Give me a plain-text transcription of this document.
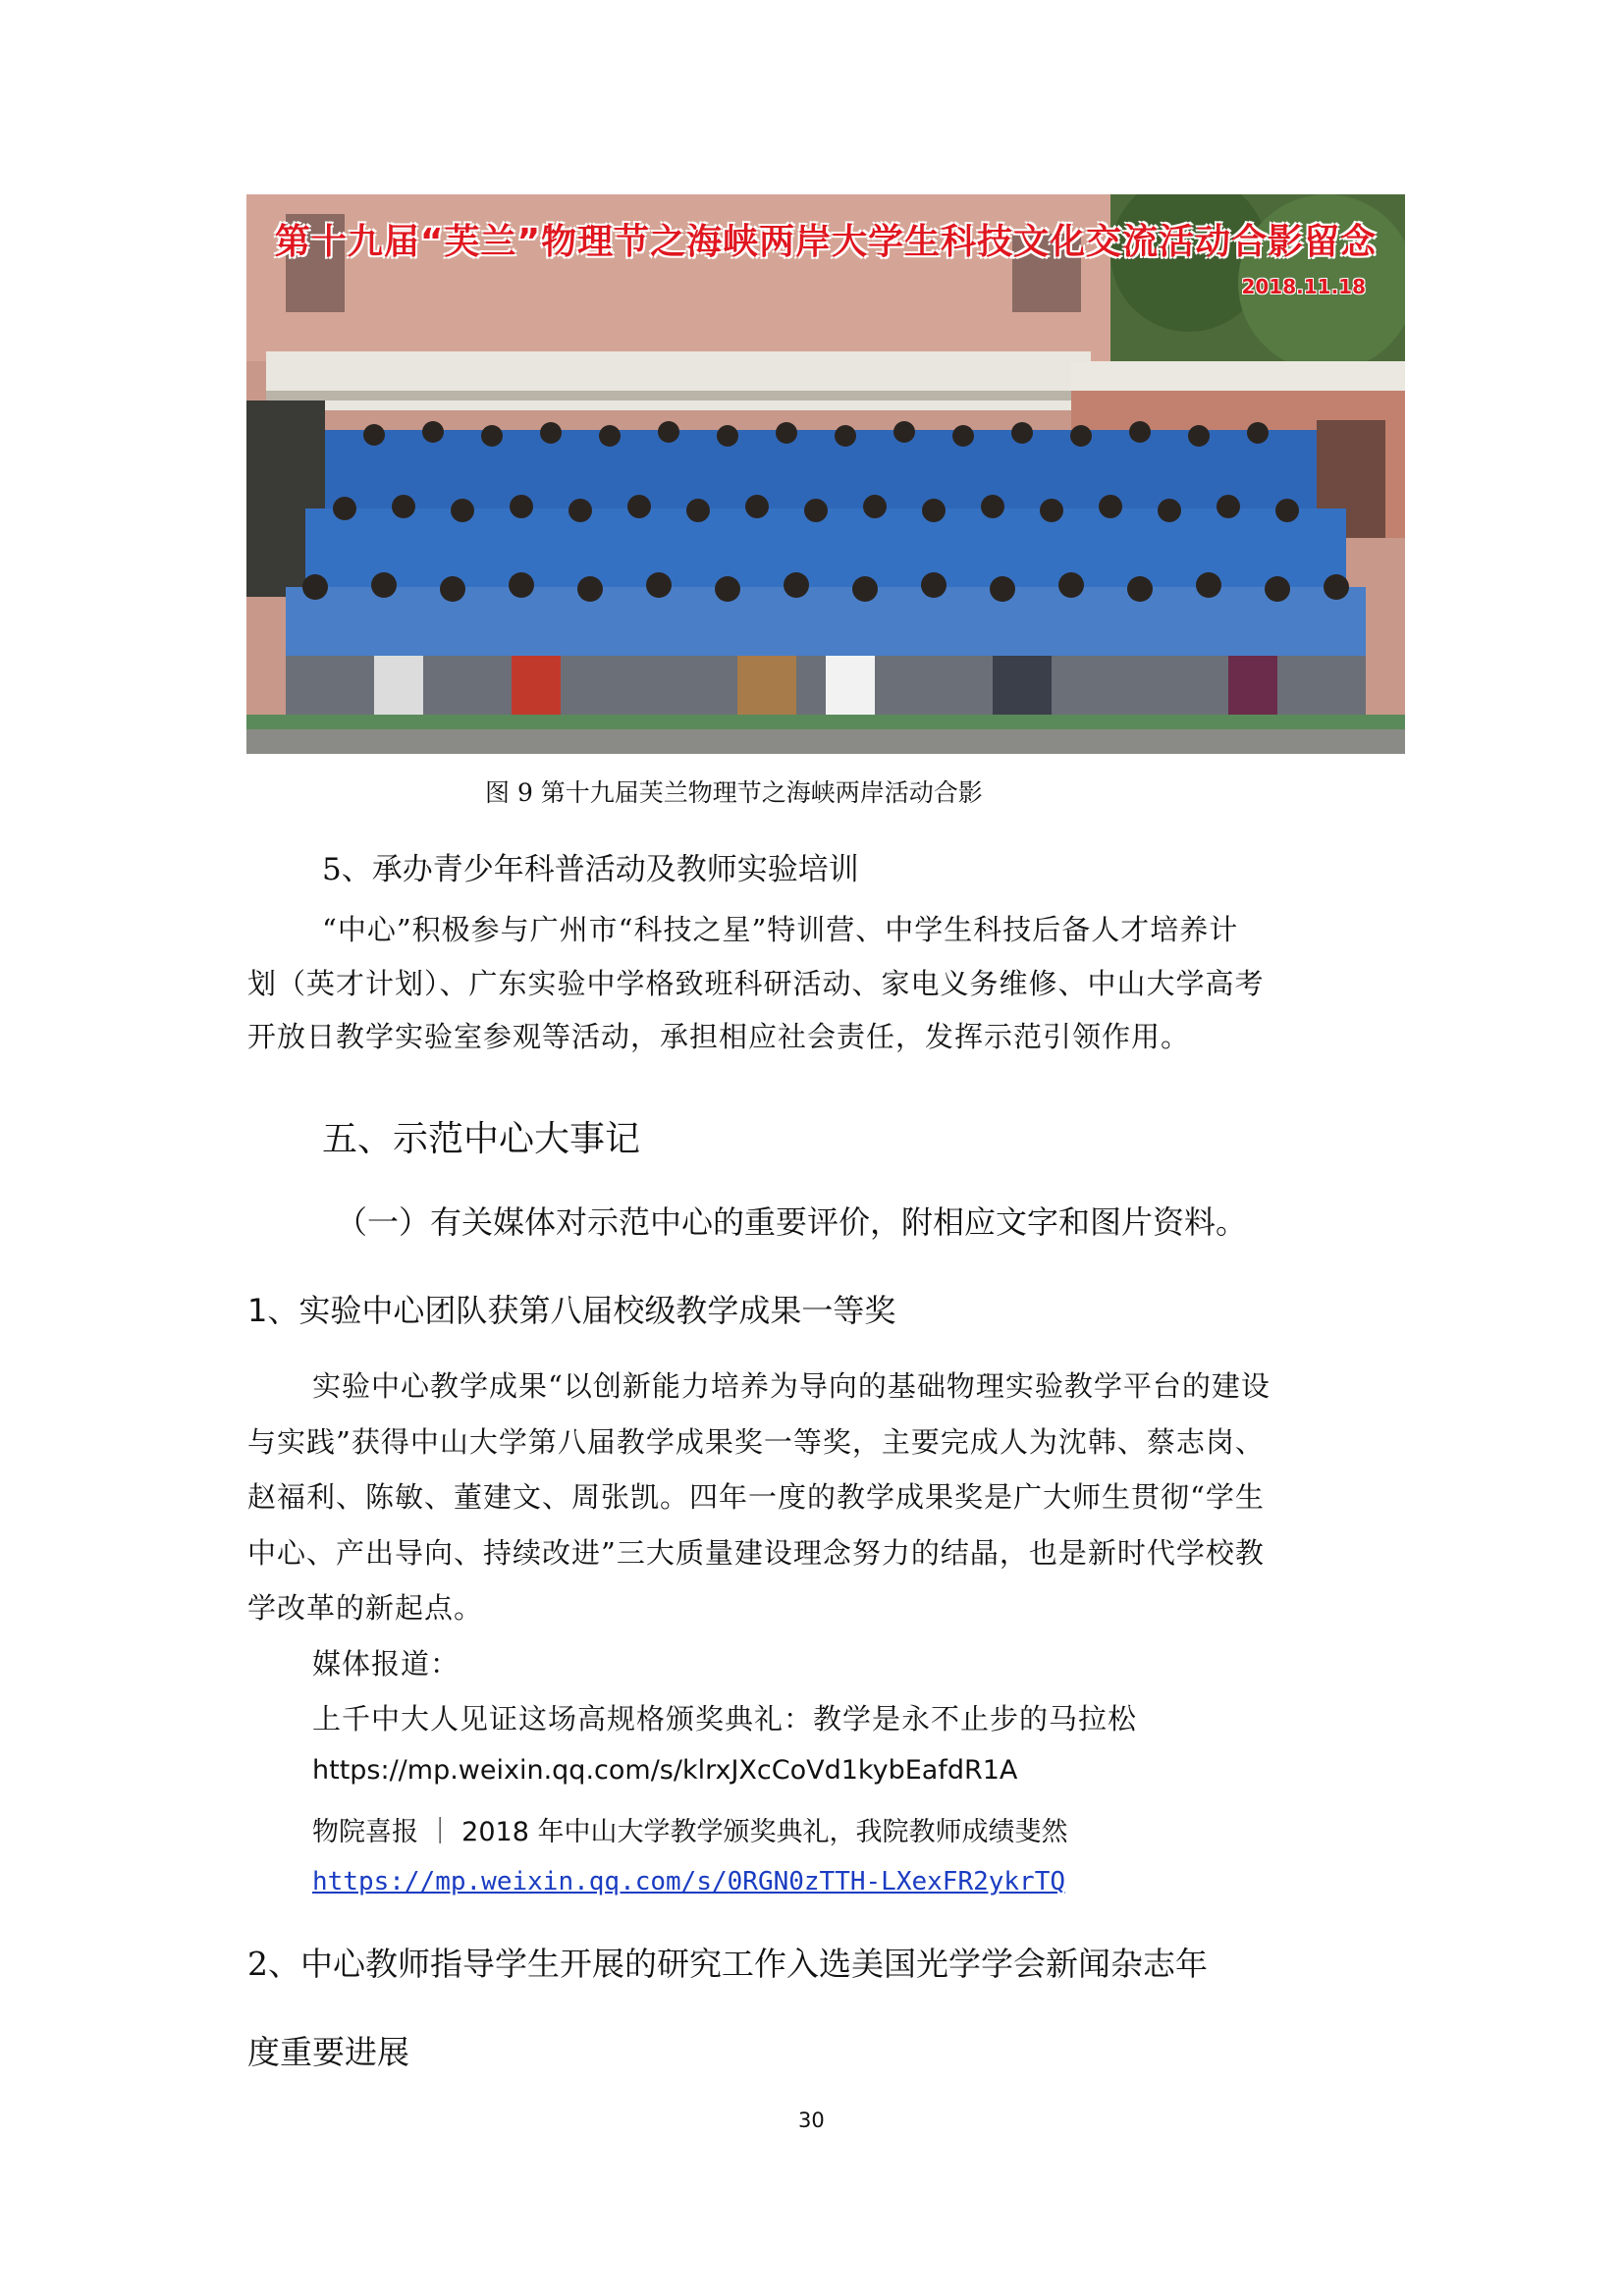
第十九届“芙兰”物理节之海峡两岸大学生科技文化交流活动合影留念
2018.11.18
图 9 第十九届芙兰物理节之海峡两岸活动合影
5、承办青少年科普活动及教师实验培训
“中心”积极参与广州市“科技之星”特训营、中学生科技后备人才培养计
划（英才计划）、广东实验中学格致班科研活动、家电义务维修、中山大学高考
开放日教学实验室参观等活动，承担相应社会责任，发挥示范引领作用。
五、示范中心大事记
（一）有关媒体对示范中心的重要评价，附相应文字和图片资料。
1、实验中心团队获第八届校级教学成果一等奖
实验中心教学成果“以创新能力培养为导向的基础物理实验教学平台的建设
与实践”获得中山大学第八届教学成果奖一等奖，主要完成人为沈韩、蔡志岗、
赵福利、陈敏、董建文、周张凯。四年一度的教学成果奖是广大师生贯彻“学生
中心、产出导向、持续改进”三大质量建设理念努力的结晶，也是新时代学校教
学改革的新起点。
媒体报道：
上千中大人见证这场高规格颁奖典礼：教学是永不止步的马拉松
https://mp.weixin.qq.com/s/klrxJXcCoVd1kybEafdR1A
物院喜报 ｜ 2018 年中山大学教学颁奖典礼，我院教师成绩斐然
https://mp.weixin.qq.com/s/0RGN0zTTH-LXexFR2ykrTQ
2、中心教师指导学生开展的研究工作入选美国光学学会新闻杂志年
度重要进展
30
